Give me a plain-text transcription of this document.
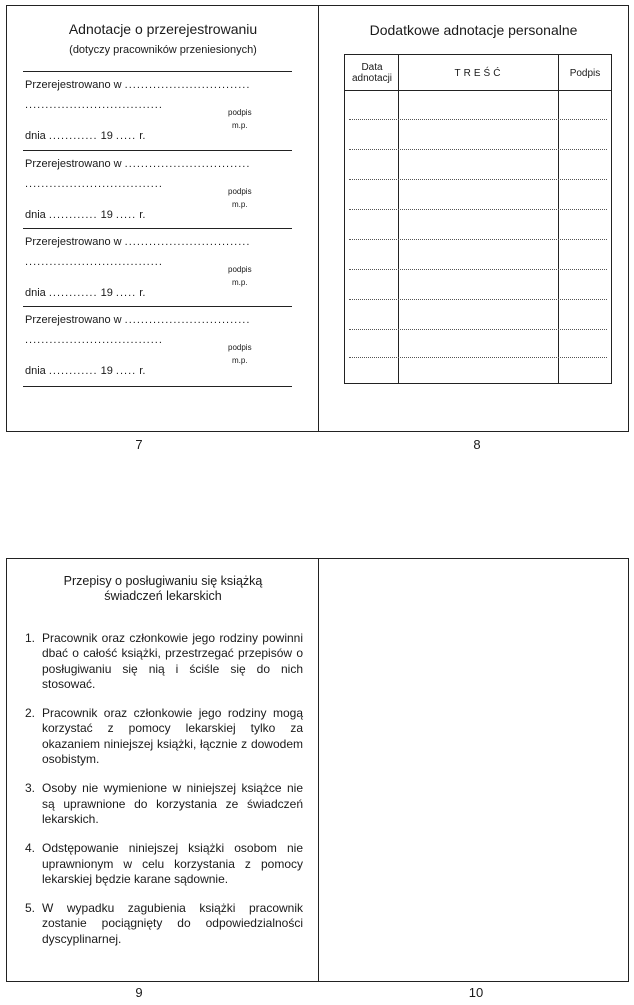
Adnotacje o przerejestrowaniu
(dotyczy pracowników przeniesionych)
Przerejestrowano w ...............................
..................................
podpis
m.p.
dnia ............ 19 ..... r.
Przerejestrowano w ...............................
..................................
podpis
m.p.
dnia ............ 19 ..... r.
Przerejestrowano w ...............................
..................................
podpis
m.p.
dnia ............ 19 ..... r.
Przerejestrowano w ...............................
..................................
podpis
m.p.
dnia ............ 19 ..... r.
7
Dodatkowe adnotacje personalne
Data
adnotacji	TREŚĆ	Podpis
8
Przepisy o posługiwaniu się książką
świadczeń lekarskich
1. Pracownik oraz członkowie jego rodziny powinni dbać o całość książki, przestrzegać przepisów o posługiwaniu się nią i ściśle się do nich stosować.
2. Pracownik oraz członkowie jego rodziny mogą korzystać z pomocy lekarskiej tylko za okazaniem niniejszej książki, łącznie z dowodem osobistym.
3. Osoby nie wymienione w niniejszej książce nie są uprawnione do korzystania ze świadczeń lekarskich.
4. Odstępowanie niniejszej książki osobom nie uprawnionym w celu korzystania z pomocy lekarskiej będzie karane sądownie.
5. W wypadku zagubienia książki pracownik zostanie pociągnięty do odpowiedzialności dyscyplinarnej.
9	10
